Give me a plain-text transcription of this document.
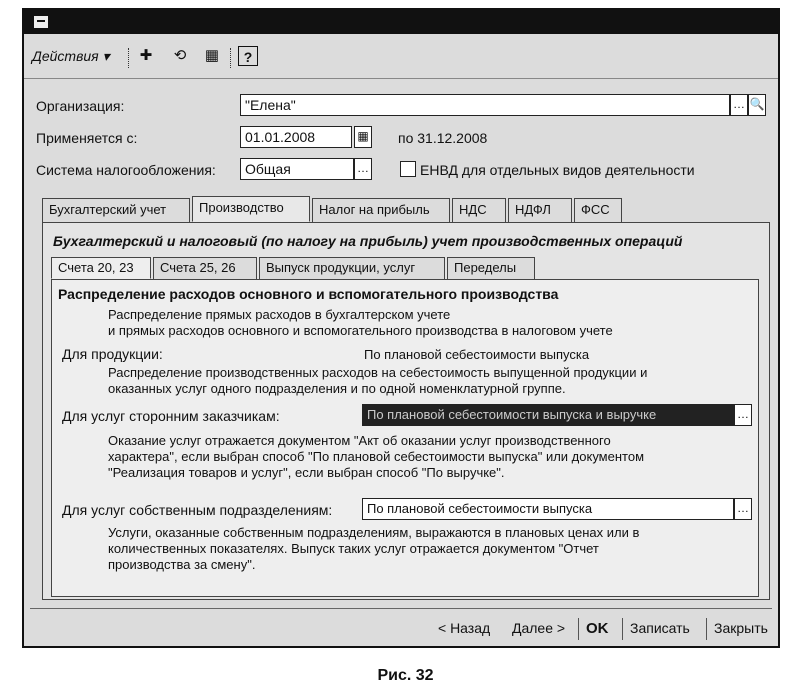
Действия ▾ ✚ ⟲ ▦	?
Организация:	"Елена"	… 🔍
Применяется с:	01.01.2008	▦ по 31.12.2008
Система налогообложения:	Общая	…	ЕНВД для отдельных видов деятельности
Бухгалтерский учет	Производство	Налог на прибыль	НДС	НДФЛ	ФСС
Бухгалтерский и налоговый (по налогу на прибыль) учет производственных операций
Счета 20, 23	Счета 25, 26	Выпуск продукции, услуг	Переделы
Распределение расходов основного и вспомогательного производства
Распределение прямых расходов в бухгалтерском учете
и прямых расходов основного и вспомогательного производства в налоговом учете
Для продукции:	По плановой себестоимости выпуска
Распределение производственных расходов на себестоимость выпущенной продукции и
оказанных услуг одного подразделения и по одной номенклатурной группе.
Для услуг сторонним заказчикам:	По плановой себестоимости выпуска и выручке	…
Оказание услуг отражается документом "Акт об оказании услуг производственного
характера", если выбран способ "По плановой себестоимости выпуска" или документом
"Реализация товаров и услуг", если выбран способ "По выручке".
Для услуг собственным подразделениям:	По плановой себестоимости выпуска	…
Услуги, оказанные собственным подразделениям, выражаются в плановых ценах или в
количественных показателях. Выпуск таких услуг отражается документом "Отчет
производства за смену".
< Назад Далее > OK Записать Закрыть
Рис. 32
